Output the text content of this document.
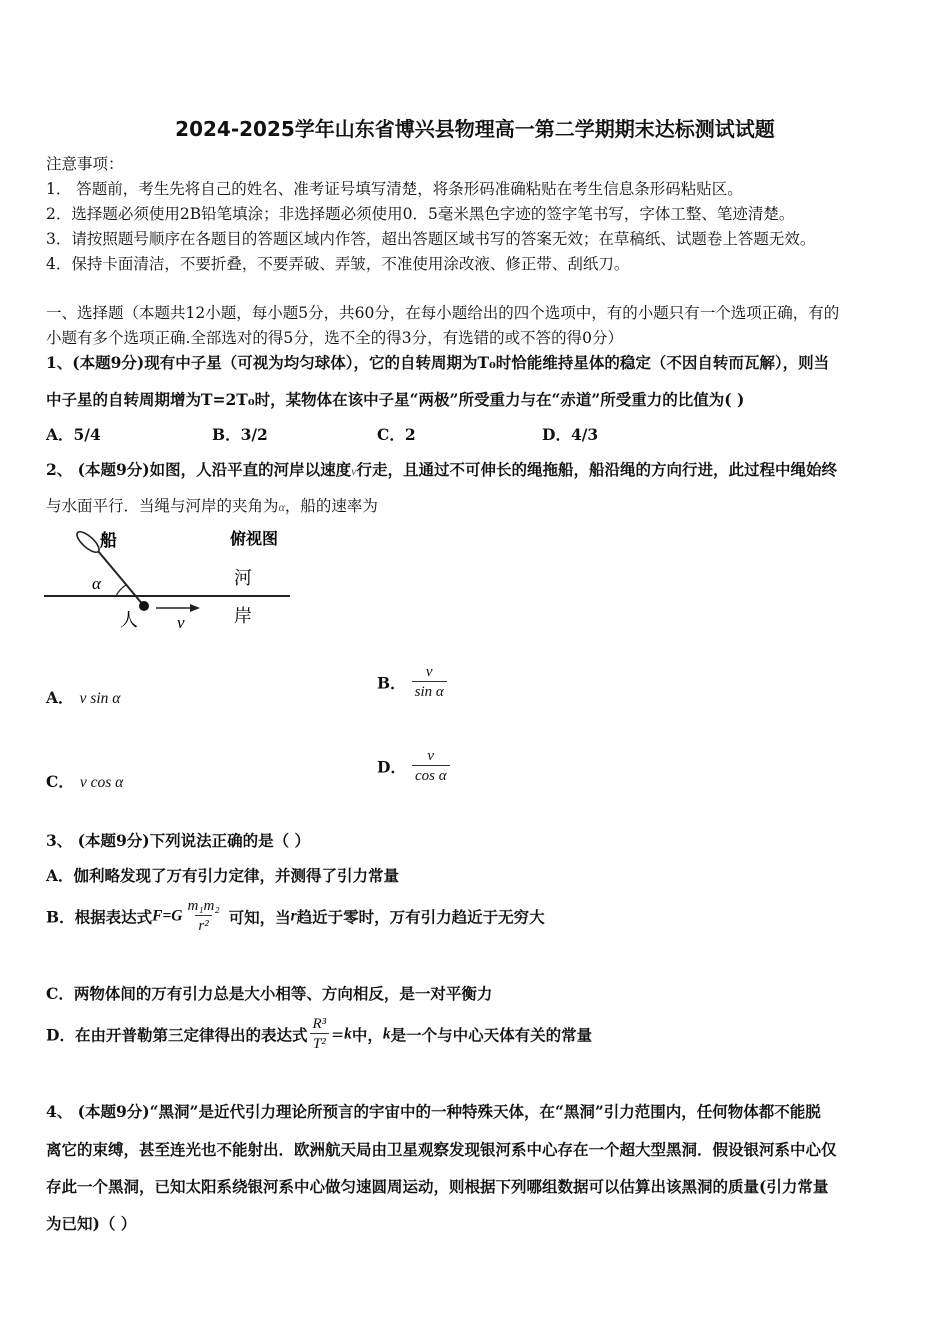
2024-2025学年山东省博兴县物理高一第二学期期末达标测试试题
注意事项：
1． 答题前，考生先将自己的姓名、准考证号填写清楚，将条形码准确粘贴在考生信息条形码粘贴区。
2．选择题必须使用2B铅笔填涂；非选择题必须使用0．5毫米黑色字迹的签字笔书写，字体工整、笔迹清楚。
3．请按照题号顺序在各题目的答题区域内作答，超出答题区域书写的答案无效；在草稿纸、试题卷上答题无效。
4．保持卡面清洁，不要折叠，不要弄破、弄皱，不准使用涂改液、修正带、刮纸刀。
一、选择题（本题共12小题，每小题5分，共60分，在每小题给出的四个选项中，有的小题只有一个选项正确，有的
小题有多个选项正确.全部选对的得5分，选不全的得3分，有选错的或不答的得0分）
1、(本题9分)现有中子星（可视为均匀球体），它的自转周期为T₀时恰能维持星体的稳定（不因自转而瓦解），则当
中子星的自转周期增为T=2T₀时，某物体在该中子星“两极”所受重力与在“赤道”所受重力的比值为( )
A．5/4	B．3/2	C．2	D．4/3
2、 (本题9分)如图，人沿平直的河岸以速度v行走，且通过不可伸长的绳拖船，船沿绳的方向行进，此过程中绳始终
与水面平行．当绳与河岸的夹角为α，船的速率为
船	俯视图
河
α
人 v	岸
A． v sin α
B． $\frac{v}{\text{sin α}}$
C． v cos α
D． $\frac{v}{\text{cos α}}$
3、 (本题9分)下列说法正确的是（ ）
A．伽利略发现了万有引力定律，并测得了引力常量
B．根据表达式$F=G \frac{\text{m₁m₂}}{\text{r²}}$ 可知，当r趋近于零时，万有引力趋近于无穷大
C．两物体间的万有引力总是大小相等、方向相反，是一对平衡力
D．在由开普勒第三定律得出的表达式 $\frac{\text{R³}}{\text{T²}} =k$中，k是一个与中心天体有关的常量
4、 (本题9分)“黑洞”是近代引力理论所预言的宇宙中的一种特殊天体，在“黑洞”引力范围内，任何物体都不能脱
离它的束缚，甚至连光也不能射出．欧洲航天局由卫星观察发现银河系中心存在一个超大型黑洞．假设银河系中心仅
存此一个黑洞，已知太阳系绕银河系中心做匀速圆周运动，则根据下列哪组数据可以估算出该黑洞的质量(引力常量
为已知)（ ）
